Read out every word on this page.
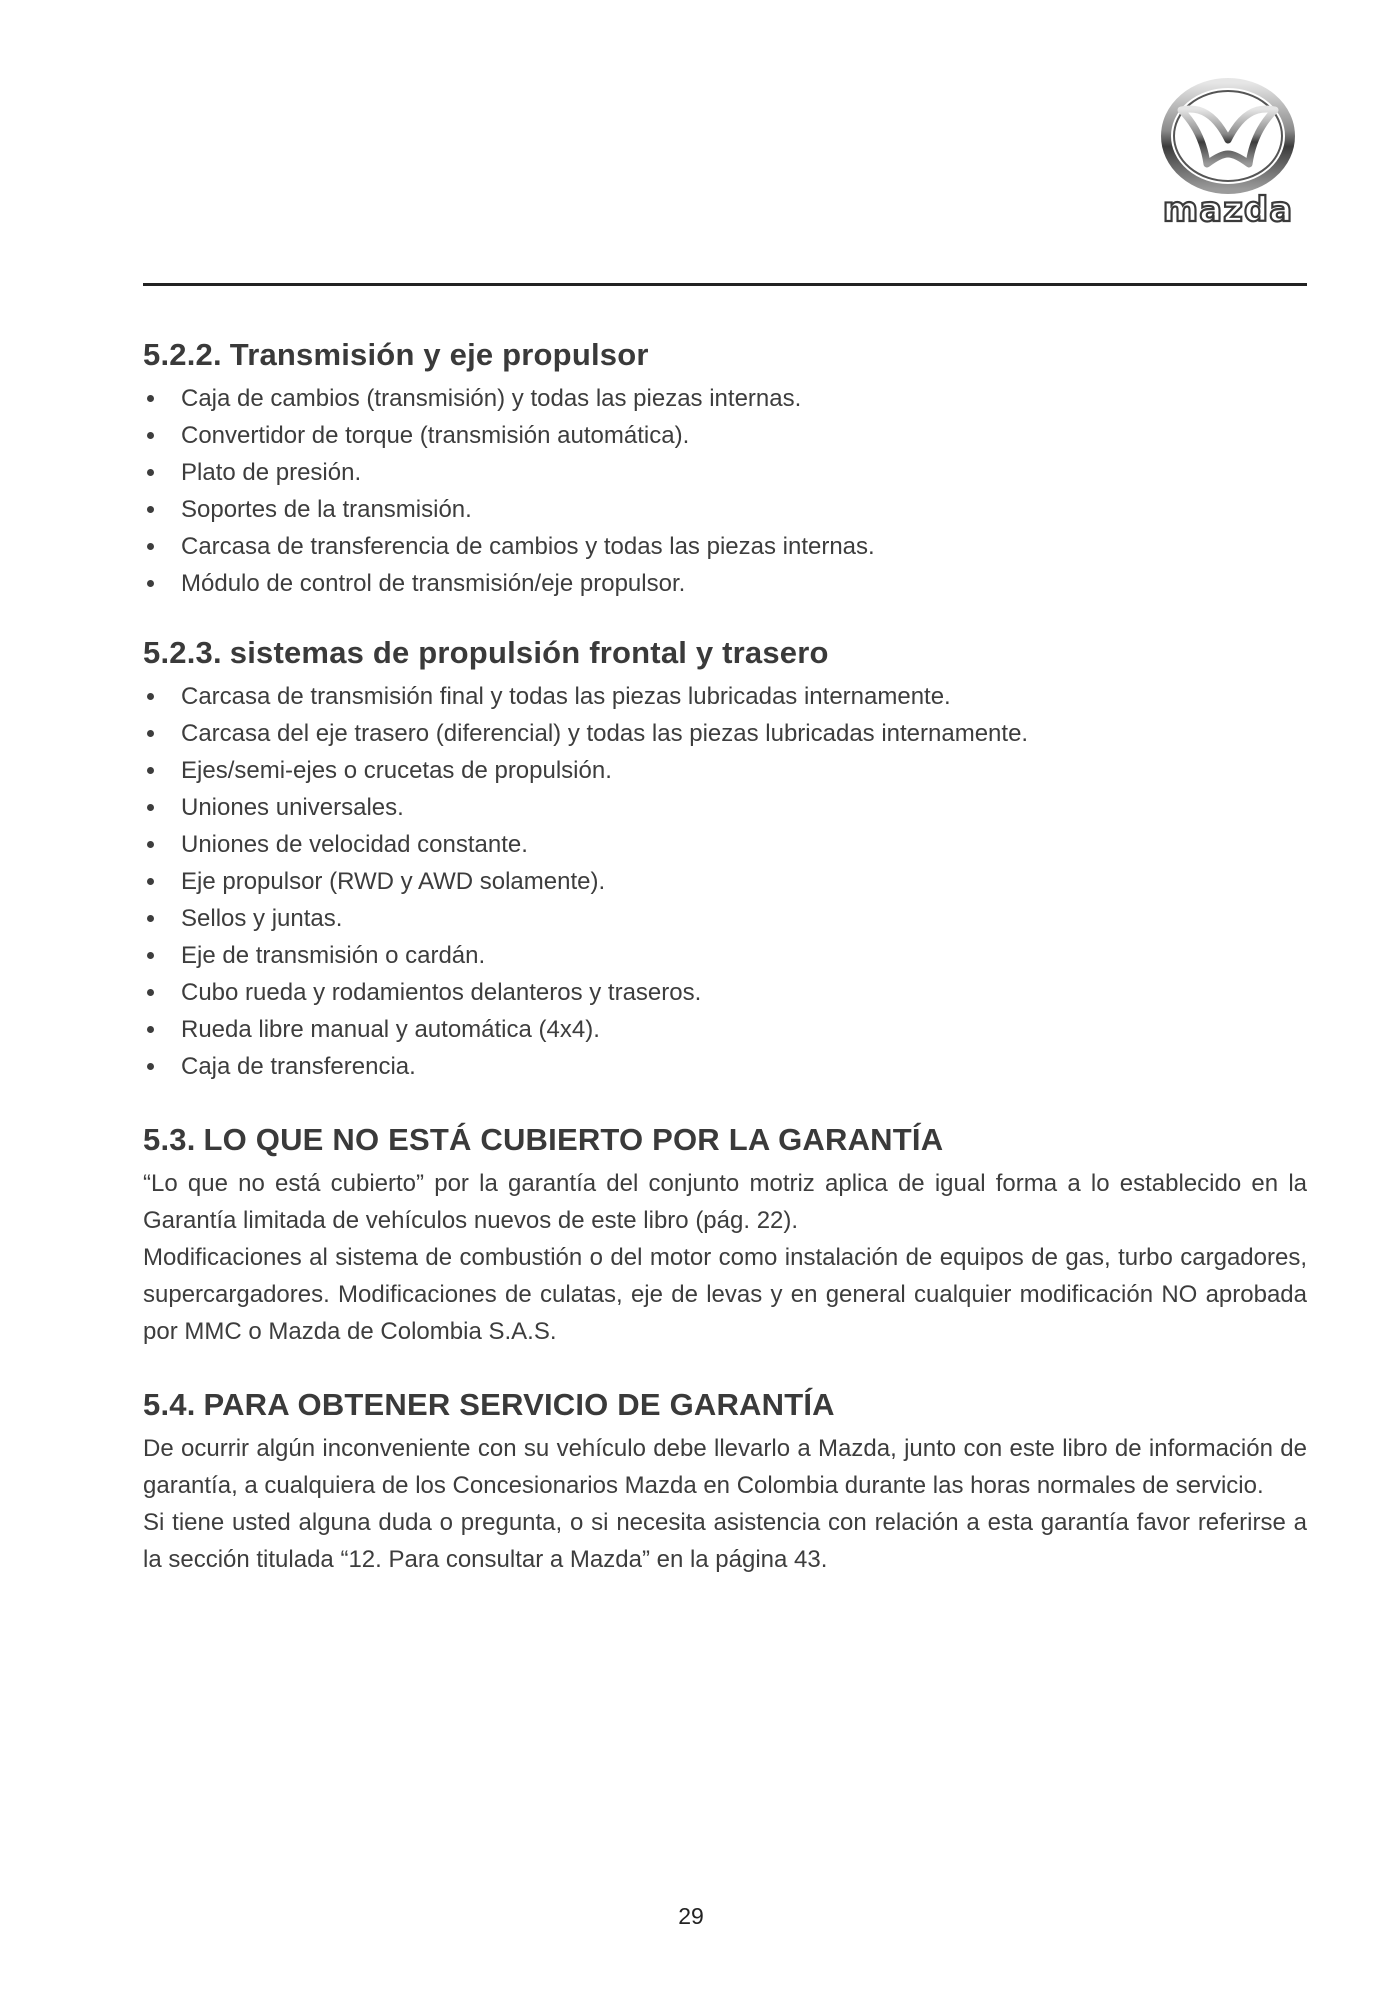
mazda
5.2.2. Transmisión y eje propulsor
Caja de cambios (transmisión) y todas las piezas internas.
Convertidor de torque (transmisión automática).
Plato de presión.
Soportes de la transmisión.
Carcasa de transferencia de cambios y todas las piezas internas.
Módulo de control de transmisión/eje propulsor.
5.2.3. sistemas de propulsión frontal y trasero
Carcasa de transmisión final y todas las piezas lubricadas internamente.
Carcasa del eje trasero (diferencial) y todas las piezas lubricadas internamente.
Ejes/semi-ejes o crucetas de propulsión.
Uniones universales.
Uniones de velocidad constante.
Eje propulsor (RWD y AWD solamente).
Sellos y juntas.
Eje de transmisión o cardán.
Cubo rueda y rodamientos delanteros y traseros.
Rueda libre manual y automática (4x4).
Caja de transferencia.
5.3. LO QUE NO ESTÁ CUBIERTO POR LA GARANTÍA

“Lo que no está cubierto” por la garantía del conjunto motriz aplica de igual forma a lo establecido en la Garantía limitada de vehículos nuevos de este libro (pág. 22).

Modificaciones al sistema de combustión o del motor como instalación de equipos de gas, turbo cargadores, supercargadores. Modificaciones de culatas, eje de levas y en general cualquier modificación NO aprobada por MMC o Mazda de Colombia S.A.S.

5.4. PARA OBTENER SERVICIO DE GARANTÍA

De ocurrir algún inconveniente con su vehículo debe llevarlo a Mazda, junto con este libro de información de garantía, a cualquiera de los Concesionarios Mazda en Colombia durante las horas normales de servicio.

Si tiene usted alguna duda o pregunta, o si necesita asistencia con relación a esta garantía favor referirse a la sección titulada “12. Para consultar a Mazda” en la página 43.

29
